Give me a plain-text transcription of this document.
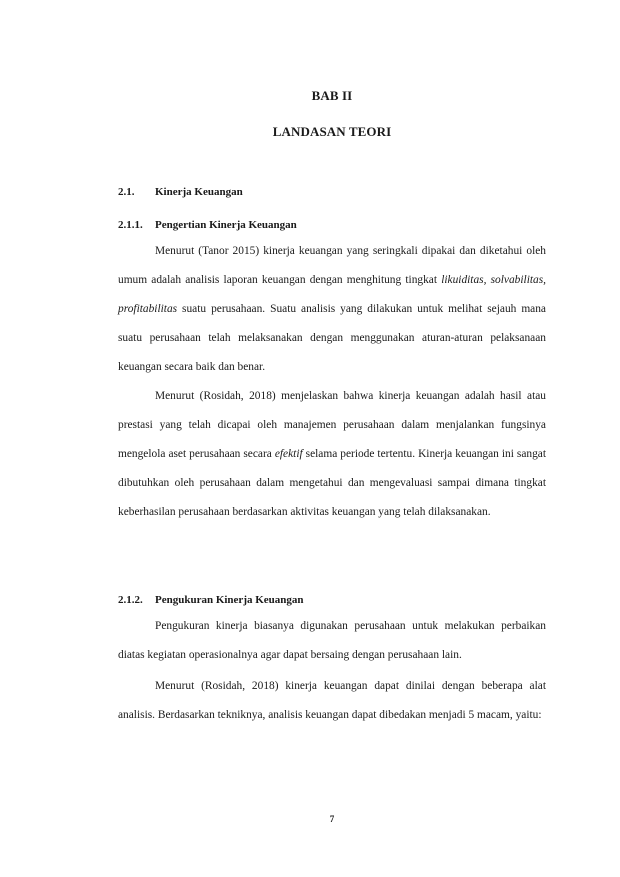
BAB II
LANDASAN TEORI
2.1. Kinerja Keuangan
2.1.1. Pengertian Kinerja Keuangan
Menurut (Tanor 2015) kinerja keuangan yang seringkali dipakai dan diketahui oleh umum adalah analisis laporan keuangan dengan menghitung tingkat likuiditas, solvabilitas, profitabilitas suatu perusahaan. Suatu analisis yang dilakukan untuk melihat sejauh mana suatu perusahaan telah melaksanakan dengan menggunakan aturan-aturan pelaksanaan keuangan secara baik dan benar.
Menurut (Rosidah, 2018) menjelaskan bahwa kinerja keuangan adalah hasil atau prestasi yang telah dicapai oleh manajemen perusahaan dalam menjalankan fungsinya mengelola aset perusahaan secara efektif selama periode tertentu. Kinerja keuangan ini sangat dibutuhkan oleh perusahaan dalam mengetahui dan mengevaluasi sampai dimana tingkat keberhasilan perusahaan berdasarkan aktivitas keuangan yang telah dilaksanakan.
2.1.2. Pengukuran Kinerja Keuangan
Pengukuran kinerja biasanya digunakan perusahaan untuk melakukan perbaikan diatas kegiatan operasionalnya agar dapat bersaing dengan perusahaan lain.
Menurut (Rosidah, 2018) kinerja keuangan dapat dinilai dengan beberapa alat analisis. Berdasarkan tekniknya, analisis keuangan dapat dibedakan menjadi 5 macam, yaitu:
7
